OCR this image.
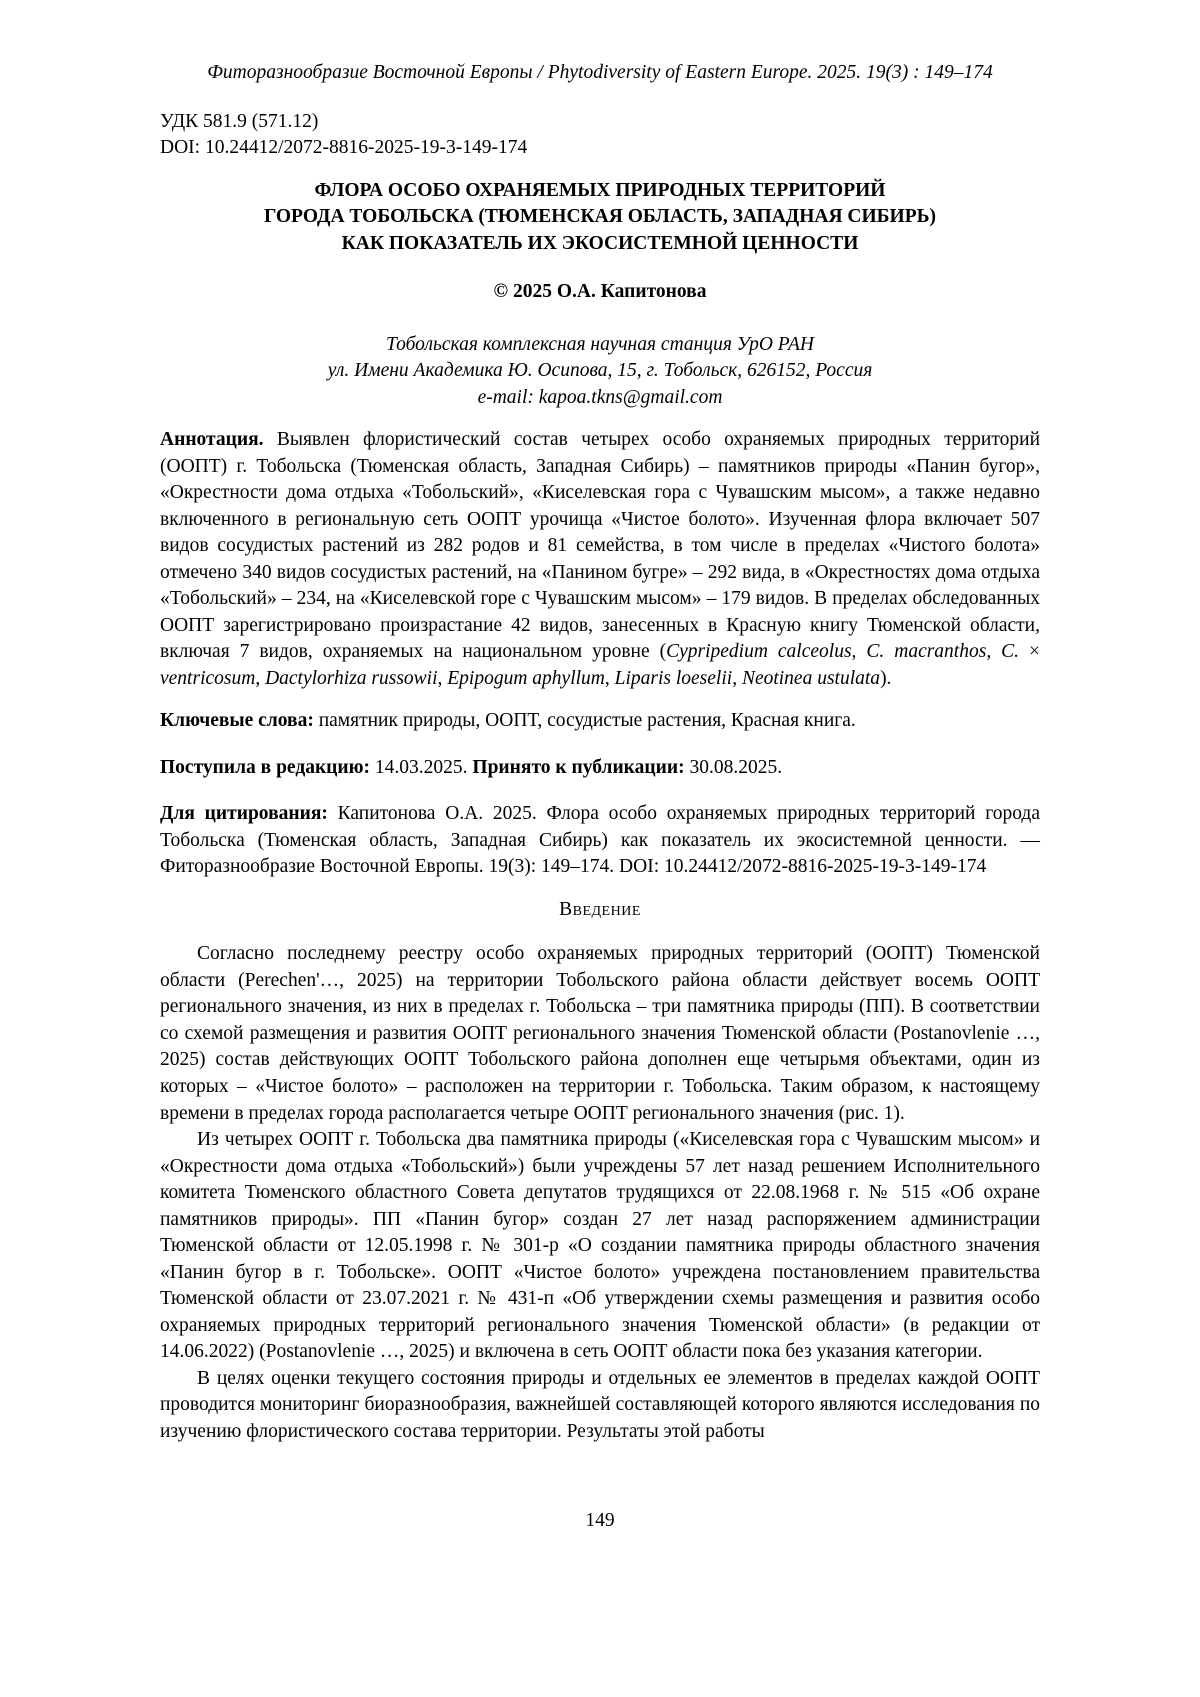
Фиторазнообразие Восточной Европы / Phytodiversity of Eastern Europe. 2025. 19(3) : 149–174
УДК 581.9 (571.12)
DOI: 10.24412/2072-8816-2025-19-3-149-174
ФЛОРА ОСОБО ОХРАНЯЕМЫХ ПРИРОДНЫХ ТЕРРИТОРИЙ
ГОРОДА ТОБОЛЬСКА (ТЮМЕНСКАЯ ОБЛАСТЬ, ЗАПАДНАЯ СИБИРЬ)
КАК ПОКАЗАТЕЛЬ ИХ ЭКОСИСТЕМНОЙ ЦЕННОСТИ
© 2025 О.А. Капитонова
Тобольская комплексная научная станция УрО РАН
ул. Имени Академика Ю. Осипова, 15, г. Тобольск, 626152, Россия
e-mail: kapoa.tkns@gmail.com

Аннотация. Выявлен флористический состав четырех особо охраняемых природных территорий (ООПТ) г. Тобольска (Тюменская область, Западная Сибирь) – памятников природы «Панин бугор», «Окрестности дома отдыха «Тобольский», «Киселевская гора с Чувашским мысом», а также недавно включенного в региональную сеть ООПТ урочища «Чистое болото». Изученная флора включает 507 видов сосудистых растений из 282 родов и 81 семейства, в том числе в пределах «Чистого болота» отмечено 340 видов сосудистых растений, на «Панином бугре» – 292 вида, в «Окрестностях дома отдыха «Тобольский» – 234, на «Киселевской горе с Чувашским мысом» – 179 видов. В пределах обследованных ООПТ зарегистрировано произрастание 42 видов, занесенных в Красную книгу Тюменской области, включая 7 видов, охраняемых на национальном уровне (Cypripedium calceolus, C. macranthos, C. × ventricosum, Dactylorhiza russowii, Epipogum aphyllum, Liparis loeselii, Neotinea ustulata).

Ключевые слова: памятник природы, ООПТ, сосудистые растения, Красная книга.

Поступила в редакцию: 14.03.2025. Принято к публикации: 30.08.2025.

Для цитирования: Капитонова О.А. 2025. Флора особо охраняемых природных территорий города Тобольска (Тюменская область, Западная Сибирь) как показатель их экосистемной ценности. — Фиторазнообразие Восточной Европы. 19(3): 149–174. DOI: 10.24412/2072-8816-2025-19-3-149-174

Введение

Согласно последнему реестру особо охраняемых природных территорий (ООПТ) Тюменской области (Perechen'…, 2025) на территории Тобольского района области действует восемь ООПТ регионального значения, из них в пределах г. Тобольска – три памятника природы (ПП). В соответствии со схемой размещения и развития ООПТ регионального значения Тюменской области (Postanovlenie …, 2025) состав действующих ООПТ Тобольского района дополнен еще четырьмя объектами, один из которых – «Чистое болото» – расположен на территории г. Тобольска. Таким образом, к настоящему времени в пределах города располагается четыре ООПТ регионального значения (рис. 1).

Из четырех ООПТ г. Тобольска два памятника природы («Киселевская гора с Чувашским мысом» и «Окрестности дома отдыха «Тобольский») были учреждены 57 лет назад решением Исполнительного комитета Тюменского областного Совета депутатов трудящихся от 22.08.1968 г. № 515 «Об охране памятников природы». ПП «Панин бугор» создан 27 лет назад распоряжением администрации Тюменской области от 12.05.1998 г. № 301-р «О создании памятника природы областного значения «Панин бугор в г. Тобольске». ООПТ «Чистое болото» учреждена постановлением правительства Тюменской области от 23.07.2021 г. № 431-п «Об утверждении схемы размещения и развития особо охраняемых природных территорий регионального значения Тюменской области» (в редакции от 14.06.2022) (Postanovlenie …, 2025) и включена в сеть ООПТ области пока без указания категории.

В целях оценки текущего состояния природы и отдельных ее элементов в пределах каждой ООПТ проводится мониторинг биоразнообразия, важнейшей составляющей которого являются исследования по изучению флористического состава территории. Результаты этой работы

149
